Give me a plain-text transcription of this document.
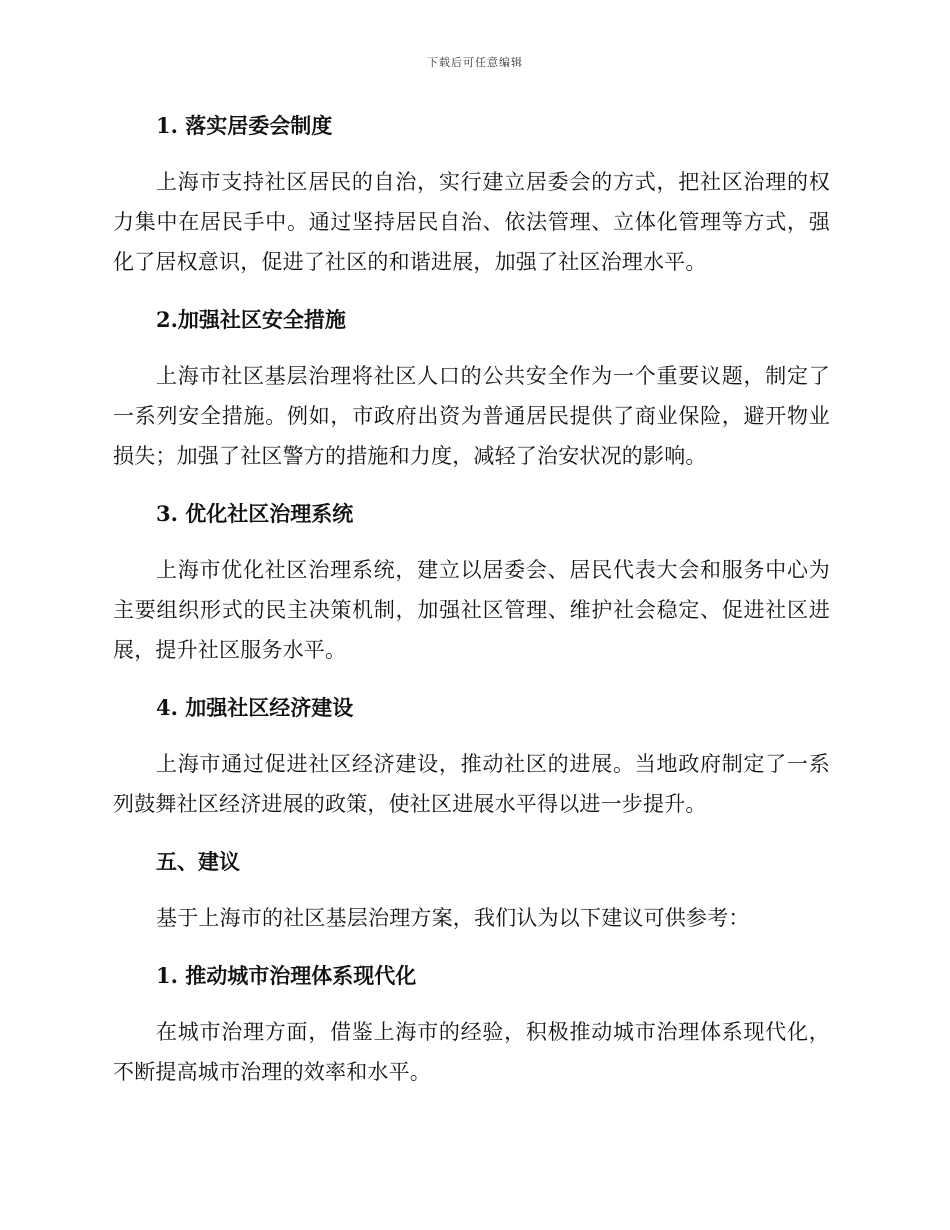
下载后可任意编辑

1. 落实居委会制度

上海市支持社区居民的自治，实行建立居委会的方式，把社区治理的权力集中在居民手中。通过坚持居民自治、依法管理、立体化管理等方式，强化了居权意识，促进了社区的和谐进展，加强了社区治理水平。

2.加强社区安全措施

上海市社区基层治理将社区人口的公共安全作为一个重要议题，制定了一系列安全措施。例如，市政府出资为普通居民提供了商业保险，避开物业损失；加强了社区警方的措施和力度，减轻了治安状况的影响。

3. 优化社区治理系统

上海市优化社区治理系统，建立以居委会、居民代表大会和服务中心为主要组织形式的民主决策机制，加强社区管理、维护社会稳定、促进社区进展，提升社区服务水平。

4. 加强社区经济建设

上海市通过促进社区经济建设，推动社区的进展。当地政府制定了一系列鼓舞社区经济进展的政策，使社区进展水平得以进一步提升。

五、建议

基于上海市的社区基层治理方案，我们认为以下建议可供参考：

1. 推动城市治理体系现代化

在城市治理方面，借鉴上海市的经验，积极推动城市治理体系现代化，不断提高城市治理的效率和水平。
